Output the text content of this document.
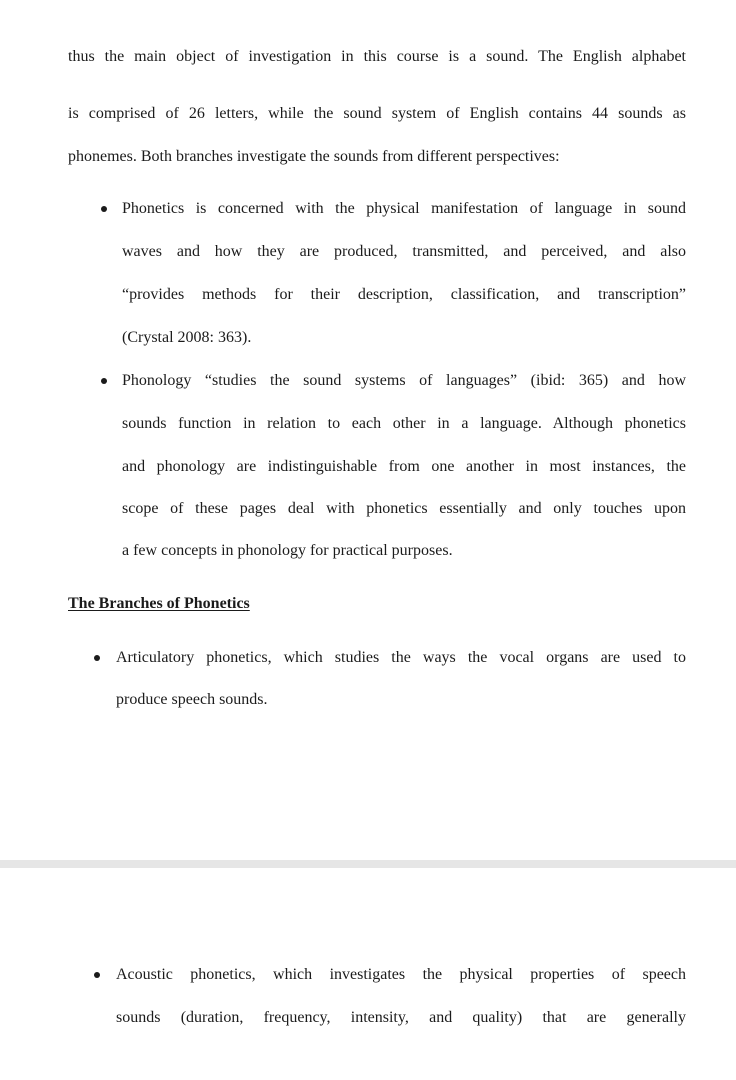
thus the main object of investigation in this course is a sound. The English alphabet
is comprised of 26 letters, while the sound system of English contains 44 sounds as
phonemes. Both branches investigate the sounds from different perspectives:
Phonetics is concerned with the physical manifestation of language in sound
waves and how they are produced, transmitted, and perceived, and also
“provides methods for their description, classification, and transcription”
(Crystal 2008: 363).
Phonology “studies the sound systems of languages” (ibid: 365) and how
sounds function in relation to each other in a language. Although phonetics
and phonology are indistinguishable from one another in most instances, the
scope of these pages deal with phonetics essentially and only touches upon
a few concepts in phonology for practical purposes.
The Branches of Phonetics
Articulatory phonetics, which studies the ways the vocal organs are used to
produce speech sounds.
Acoustic phonetics, which investigates the physical properties of speech
sounds (duration, frequency, intensity, and quality) that are generally
